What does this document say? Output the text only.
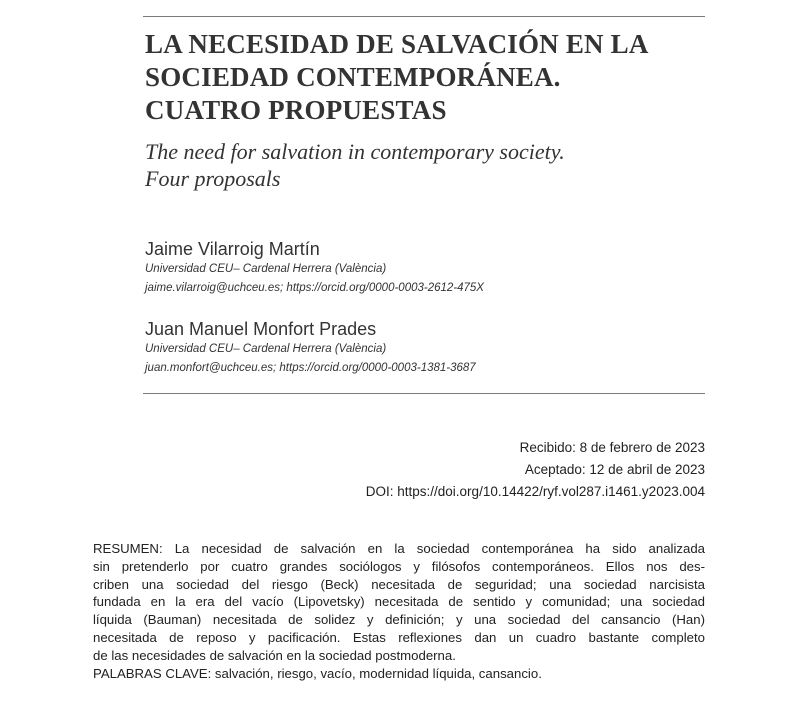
LA NECESIDAD DE SALVACIÓN EN LA
SOCIEDAD CONTEMPORÁNEA.
CUATRO PROPUESTAS
The need for salvation in contemporary society.
Four proposals
Jaime Vilarroig Martín
Universidad CEU– Cardenal Herrera (València)
jaime.vilarroig@uchceu.es; https://orcid.org/0000-0003-2612-475X
Juan Manuel Monfort Prades
Universidad CEU– Cardenal Herrera (València)
juan.monfort@uchceu.es; https://orcid.org/0000-0003-1381-3687
Recibido: 8 de febrero de 2023
Aceptado: 12 de abril de 2023
DOI: https://doi.org/10.14422/ryf.vol287.i1461.y2023.004
RESUMEN: La necesidad de salvación en la sociedad contemporánea ha sido analizada
sin pretenderlo por cuatro grandes sociólogos y filósofos contemporáneos. Ellos nos des-
criben una sociedad del riesgo (Beck) necesitada de seguridad; una sociedad narcisista
fundada en la era del vacío (Lipovetsky) necesitada de sentido y comunidad; una sociedad
líquida (Bauman) necesitada de solidez y definición; y una sociedad del cansancio (Han)
necesitada de reposo y pacificación. Estas reflexiones dan un cuadro bastante completo
de las necesidades de salvación en la sociedad postmoderna.
PALABRAS CLAVE: salvación, riesgo, vacío, modernidad líquida, cansancio.
